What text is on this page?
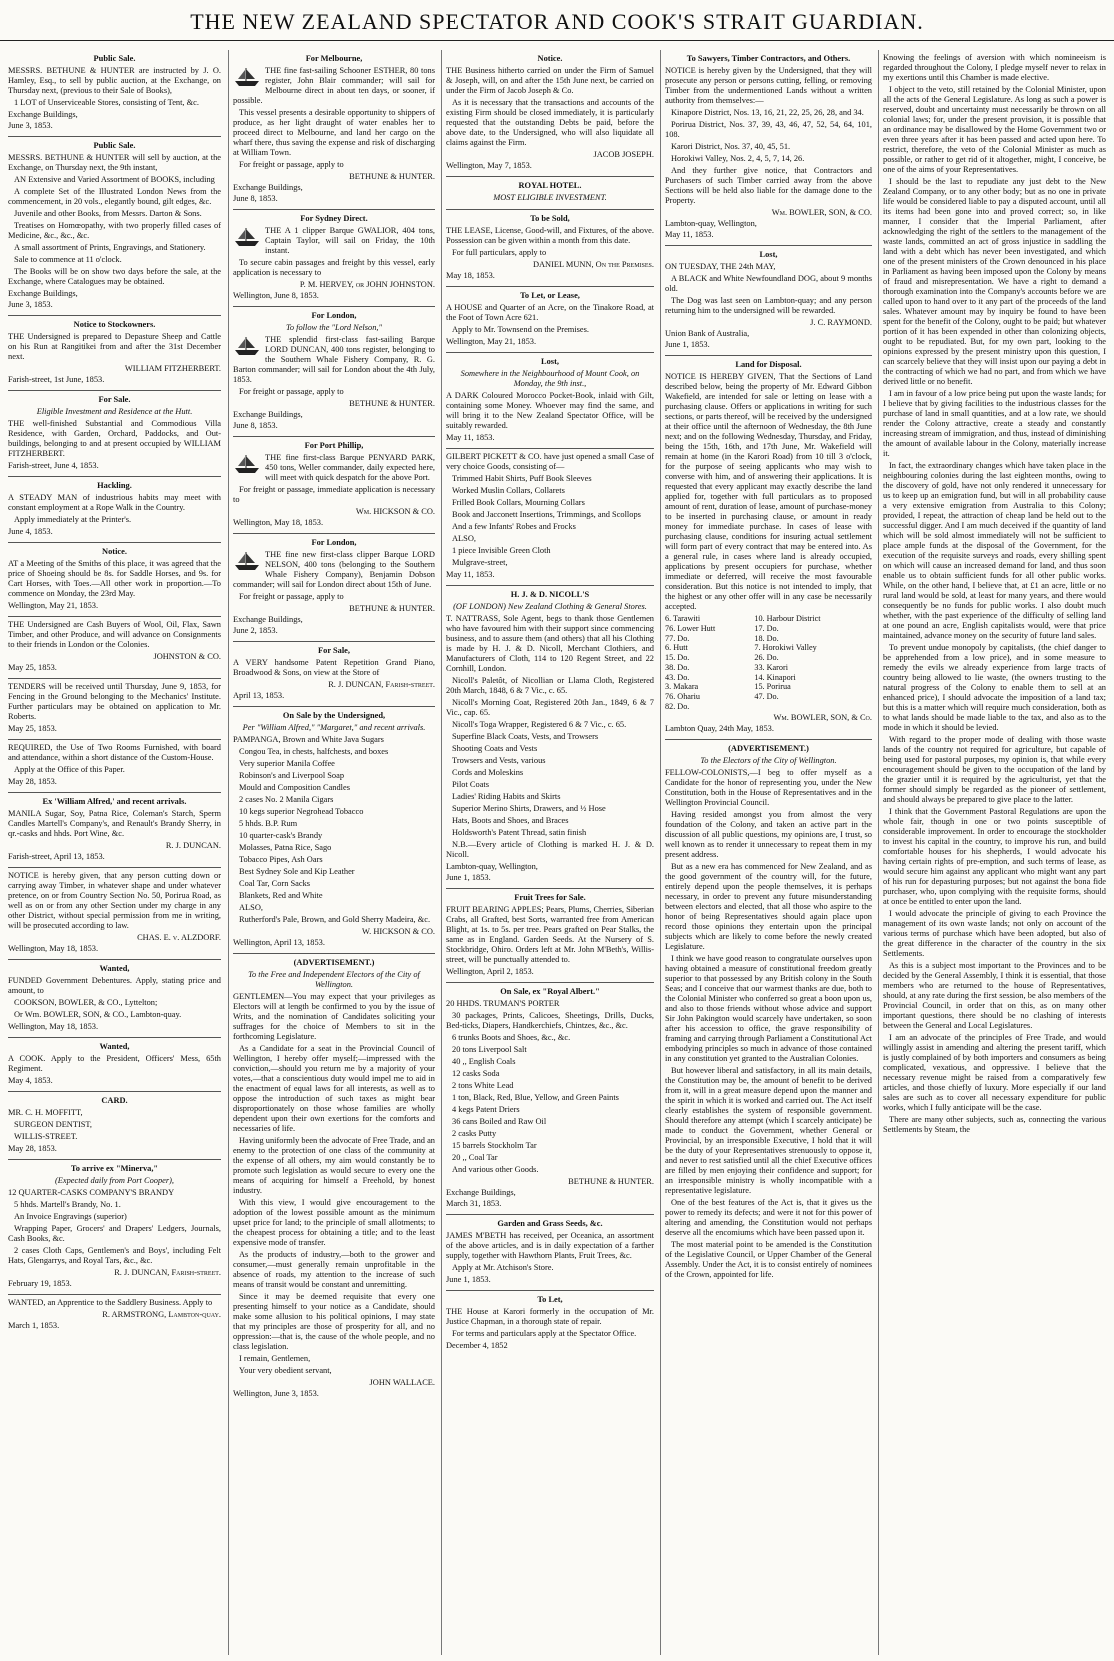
THE NEW ZEALAND SPECTATOR AND COOK'S STRAIT GUARDIAN.
Public Sale.

MESSRS. BETHUNE & HUNTER are instructed by J. O. Hamley, Esq., to sell by public auction, at the Exchange, on Thursday next, (previous to their Sale of Books),

1 LOT of Unserviceable Stores, consisting of Tent, &c.

Exchange Buildings,
June 3, 1853.
Public Sale.

MESSRS. BETHUNE & HUNTER will sell by auction, at the Exchange, on Thursday next, the 9th instant,

AN Extensive and Varied Assortment of BOOKS, including

A complete Set of the Illustrated London News from the commencement, in 20 vols., elegantly bound, gilt edges, &c.

Juvenile and other Books, from Messrs. Darton & Sons.

Treatises on Homœopathy, with two properly filled cases of Medicine, &c., &c., &c.

A small assortment of Prints, Engravings, and Stationery.

Sale to commence at 11 o'clock.

The Books will be on show two days before the sale, at the Exchange, where Catalogues may be obtained.

Exchange Buildings,
June 3, 1853.
Notice to Stockowners.

THE Undersigned is prepared to Depasture Sheep and Cattle on his Run at Rangitikei from and after the 31st December next.

WILLIAM FITZHERBERT.
Farish-street, 1st June, 1853.
For Sale.
Eligible Investment and Residence at the Hutt.

THE well-finished Substantial and Commodious Villa Residence, with Garden, Orchard, Paddocks, and Out-buildings, belonging to and at present occupied by WILLIAM FITZHERBERT.

Farish-street, June 4, 1853.
Hackling.

A STEADY MAN of industrious habits may meet with constant employment at a Rope Walk in the Country.

Apply immediately at the Printer's.

June 4, 1853.
Notice.

AT a Meeting of the Smiths of this place, it was agreed that the price of Shoeing should be 8s. for Saddle Horses, and 9s. for Cart Horses, with Toes.—All other work in proportion.—To commence on Monday, the 23rd May.

Wellington, May 21, 1853.

THE Undersigned are Cash Buyers of Wool, Oil, Flax, Sawn Timber, and other Produce, and will advance on Consignments to their friends in London or the Colonies.

JOHNSTON & CO.
May 25, 1853.

TENDERS will be received until Thursday, June 9, 1853, for Fencing in the Ground belonging to the Mechanics' Institute. Further particulars may be obtained on application to Mr. Roberts.

May 25, 1853.

REQUIRED, the Use of Two Rooms Furnished, with board and attendance, within a short distance of the Custom-House.

Apply at the Office of this Paper.

May 28, 1853.
Ex 'William Alfred,' and recent arrivals.

MANILA Sugar, Soy, Patna Rice, Coleman's Starch, Sperm Candles Martell's Company's, and Renault's Brandy Sherry, in qr.-casks and hhds. Port Wine, &c.

R. J. DUNCAN.
Farish-street, April 13, 1853.

NOTICE is hereby given, that any person cutting down or carrying away Timber, in whatever shape and under whatever pretence, on or from Country Section No. 50, Porirua Road, as well as on or from any other Section under my charge in any other District, without special permission from me in writing, will be prosecuted according to law.

CHAS. E. v. ALZDORF.
Wellington, May 18, 1853.
Wanted,

FUNDED Government Debentures. Apply, stating price and amount, to

COOKSON, BOWLER, & CO., Lyttelton;

Or Wm. BOWLER, SON, & CO., Lambton-quay.

Wellington, May 18, 1853.
Wanted,

A COOK. Apply to the President, Officers' Mess, 65th Regiment.

May 4, 1853.
CARD.

MR. C. H. MOFFITT,

SURGEON DENTIST,

WILLIS-STREET.

May 28, 1853.
To arrive ex "Minerva,"
(Expected daily from Port Cooper),

12 QUARTER-CASKS COMPANY'S BRANDY

5 hhds. Martell's Brandy, No. 1.

An Invoice Engravings (superior)

Wrapping Paper, Grocers' and Drapers' Ledgers, Journals, Cash Books, &c.

2 cases Cloth Caps, Gentlemen's and Boys', including Felt Hats, Glengarrys, and Royal Tars, &c., &c.

R. J. DUNCAN, Farish-street.
February 19, 1853.

WANTED, an Apprentice to the Saddlery Business. Apply to

R. ARMSTRONG, Lambton-quay.
March 1, 1853.
For Melbourne,

THE fine fast-sailing Schooner ESTHER, 80 tons register, John Blair commander; will sail for Melbourne direct in about ten days, or sooner, if possible.

This vessel presents a desirable opportunity to shippers of produce, as her light draught of water enables her to proceed direct to Melbourne, and land her cargo on the wharf there, thus saving the expense and risk of discharging at William Town.

For freight or passage, apply to

BETHUNE & HUNTER.
Exchange Buildings,
June 8, 1853.
For Sydney Direct.

THE A 1 clipper Barque GWALIOR, 404 tons, Captain Taylor, will sail on Friday, the 10th instant.

To secure cabin passages and freight by this vessel, early application is necessary to

P. M. HERVEY, or JOHN JOHNSTON.
Wellington, June 8, 1853.
For London,
To follow the "Lord Nelson,"

THE splendid first-class fast-sailing Barque LORD DUNCAN, 400 tons register, belonging to the Southern Whale Fishery Company, R. G. Barton commander; will sail for London about the 4th July, 1853.

For freight or passage, apply to

BETHUNE & HUNTER.
Exchange Buildings,
June 8, 1853.
For Port Phillip,

THE fine first-class Barque PENYARD PARK, 450 tons, Weller commander, daily expected here, will meet with quick despatch for the above Port.

For freight or passage, immediate application is necessary to

Wm. HICKSON & CO.
Wellington, May 18, 1853.
For London,

THE fine new first-class clipper Barque LORD NELSON, 400 tons (belonging to the Southern Whale Fishery Company), Benjamin Dobson commander; will sail for London direct about 15th of June.

For freight or passage, apply to

BETHUNE & HUNTER.
Exchange Buildings,
June 2, 1853.
For Sale,

A VERY handsome Patent Repetition Grand Piano, Broadwood & Sons, on view at the Store of

R. J. DUNCAN, Farish-street.
April 13, 1853.
On Sale by the Undersigned,
Per "William Alfred," "Margaret," and recent arrivals.

PAMPANGA, Brown and White Java Sugars

Congou Tea, in chests, halfchests, and boxes

Very superior Manila Coffee

Robinson's and Liverpool Soap

Mould and Composition Candles

2 cases No. 2 Manila Cigars

10 kegs superior Negrohead Tobacco

5 hhds. B.P. Rum

10 quarter-cask's Brandy

Molasses, Patna Rice, Sago

Tobacco Pipes, Ash Oars

Best Sydney Sole and Kip Leather

Coal Tar, Corn Sacks

Blankets, Red and White

ALSO,

Rutherford's Pale, Brown, and Gold Sherry Madeira, &c.

W. HICKSON & CO.
Wellington, April 13, 1853.
(ADVERTISEMENT.)
To the Free and Independent Electors of the City of Wellington.

GENTLEMEN—You may expect that your privileges as Electors will at length be confirmed to you by the issue of Writs, and the nomination of Candidates soliciting your suffrages for the choice of Members to sit in the forthcoming Legislature.

As a Candidate for a seat in the Provincial Council of Wellington, I hereby offer myself;—impressed with the conviction,—should you return me by a majority of your votes,—that a conscientious duty would impel me to aid in the enactment of equal laws for all interests, as well as to oppose the introduction of such taxes as might bear disproportionately on those whose families are wholly dependent upon their own exertions for the comforts and necessaries of life.

Having uniformly been the advocate of Free Trade, and an enemy to the protection of one class of the community at the expense of all others, my aim would constantly be to promote such legislation as would secure to every one the means of acquiring for himself a Freehold, by honest industry.

With this view, I would give encouragement to the adoption of the lowest possible amount as the minimum upset price for land; to the principle of small allotments; to the cheapest process for obtaining a title; and to the least expensive mode of transfer.

As the products of industry,—both to the grower and consumer,—must generally remain unprofitable in the absence of roads, my attention to the increase of such means of transit would be constant and unremitting.

Since it may be deemed requisite that every one presenting himself to your notice as a Candidate, should make some allusion to his political opinions, I may state that my principles are those of prosperity for all, and no oppression:—that is, the cause of the whole people, and no class legislation.

I remain, Gentlemen,

Your very obedient servant,

JOHN WALLACE.
Wellington, June 3, 1853.
Notice.

THE Business hitherto carried on under the Firm of Samuel & Joseph, will, on and after the 15th June next, be carried on under the Firm of Jacob Joseph & Co.

As it is necessary that the transactions and accounts of the existing Firm should be closed immediately, it is particularly requested that the outstanding Debts be paid, before the above date, to the Undersigned, who will also liquidate all claims against the Firm.

JACOB JOSEPH.
Wellington, May 7, 1853.
ROYAL HOTEL.
MOST ELIGIBLE INVESTMENT.
To be Sold,

THE LEASE, License, Good-will, and Fixtures, of the above. Possession can be given within a month from this date.

For full particulars, apply to

DANIEL MUNN, On the Premises.
May 18, 1853.
To Let, or Lease,

A HOUSE and Quarter of an Acre, on the Tinakore Road, at the Foot of Town Acre 621.

Apply to Mr. Townsend on the Premises.

Wellington, May 21, 1853.
Lost,
Somewhere in the Neighbourhood of Mount Cook, on Monday, the 9th inst.,

A DARK Coloured Morocco Pocket-Book, inlaid with Gilt, containing some Money. Whoever may find the same, and will bring it to the New Zealand Spectator Office, will be suitably rewarded.

May 11, 1853.

GILBERT PICKETT & CO. have just opened a small Case of very choice Goods, consisting of—

Trimmed Habit Shirts, Puff Book Sleeves

Worked Muslin Collars, Collarets

Frilled Book Collars, Mourning Collars

Book and Jacconett Insertions, Trimmings, and Scollops

And a few Infants' Robes and Frocks

ALSO,

1 piece Invisible Green Cloth

Mulgrave-street,

May 11, 1853.
H. J. & D. NICOLL'S
(OF LONDON) New Zealand Clothing & General Stores.

T. NATTRASS, Sole Agent, begs to thank those Gentlemen who have favoured him with their support since commencing business, and to assure them (and others) that all his Clothing is made by H. J. & D. Nicoll, Merchant Clothiers, and Manufacturers of Cloth, 114 to 120 Regent Street, and 22 Cornhill, London.

Nicoll's Paletôt, of Nicollian or Llama Cloth, Registered 20th March, 1848, 6 & 7 Vic., c. 65.

Nicoll's Morning Coat, Registered 20th Jan., 1849, 6 & 7 Vic., cap. 65.

Nicoll's Toga Wrapper, Registered 6 & 7 Vic., c. 65.

Superfine Black Coats, Vests, and Trowsers

Shooting Coats and Vests

Trowsers and Vests, various

Cords and Moleskins

Pilot Coats

Ladies' Riding Habits and Skirts

Superior Merino Shirts, Drawers, and ½ Hose

Hats, Boots and Shoes, and Braces

Holdsworth's Patent Thread, satin finish

N.B.—Every article of Clothing is marked H. J. & D. Nicoll.

Lambton-quay, Wellington,
June 1, 1853.
Fruit Trees for Sale.

FRUIT BEARING APPLES; Pears, Plums, Cherries, Siberian Crabs, all Grafted, best Sorts, warranted free from American Blight, at 1s. to 5s. per tree. Pears grafted on Pear Stalks, the same as in England. Garden Seeds. At the Nursery of S. Stockbridge, Ohiro. Orders left at Mr. John M'Beth's, Willis-street, will be punctually attended to.

Wellington, April 2, 1853.
On Sale, ex "Royal Albert."

20 HHDS. TRUMAN'S PORTER

30 packages, Prints, Calicoes, Sheetings, Drills, Ducks, Bed-ticks, Diapers, Handkerchiefs, Chintzes, &c., &c.

6 trunks Boots and Shoes, &c., &c.

20 tons Liverpool Salt

40 ,, English Coals

12 casks Soda

2 tons White Lead

1 ton, Black, Red, Blue, Yellow, and Green Paints

4 kegs Patent Driers

36 cans Boiled and Raw Oil

2 casks Putty

15 barrels Stockholm Tar

20 ,, Coal Tar

And various other Goods.

BETHUNE & HUNTER.
Exchange Buildings,
March 31, 1853.
Garden and Grass Seeds, &c.

JAMES M'BETH has received, per Oceanica, an assortment of the above articles, and is in daily expectation of a farther supply, together with Hawthorn Plants, Fruit Trees, &c.

Apply at Mr. Atchison's Store.

June 1, 1853.
To Let,

THE House at Karori formerly in the occupation of Mr. Justice Chapman, in a thorough state of repair.

For terms and particulars apply at the Spectator Office.

December 4, 1852
To Sawyers, Timber Contractors, and Others.

NOTICE is hereby given by the Undersigned, that they will prosecute any person or persons cutting, felling, or removing Timber from the undermentioned Lands without a written authority from themselves:—

Kinapore District, Nos. 13, 16, 21, 22, 25, 26, 28, and 34.

Porirua District, Nos. 37, 39, 43, 46, 47, 52, 54, 64, 101, 108.

Karori District, Nos. 37, 40, 45, 51.

Horokiwi Valley, Nos. 2, 4, 5, 7, 14, 26.

And they further give notice, that Contractors and Purchasers of such Timber carried away from the above Sections will be held also liable for the damage done to the Property.

Wm. BOWLER, SON, & CO.
Lambton-quay, Wellington,
May 11, 1853.
Lost,

ON TUESDAY, THE 24th MAY,

A BLACK and White Newfoundland DOG, about 9 months old.

The Dog was last seen on Lambton-quay; and any person returning him to the undersigned will be rewarded.

J. C. RAYMOND.
Union Bank of Australia,
June 1, 1853.
Land for Disposal.

NOTICE IS HEREBY GIVEN, That the Sections of Land described below, being the property of Mr. Edward Gibbon Wakefield, are intended for sale or letting on lease with a purchasing clause. Offers or applications in writing for such sections, or parts thereof, will be received by the undersigned at their office until the afternoon of Wednesday, the 8th June next; and on the following Wednesday, Thursday, and Friday, being the 15th, 16th, and 17th June, Mr. Wakefield will remain at home (in the Karori Road) from 10 till 3 o'clock, for the purpose of seeing applicants who may wish to converse with him, and of answering their applications. It is requested that every applicant may exactly describe the land applied for, together with full particulars as to proposed amount of rent, duration of lease, amount of purchase-money to be inserted in purchasing clause, or amount in ready money for immediate purchase. In cases of lease with purchasing clause, conditions for insuring actual settlement will form part of every contract that may be entered into. As a general rule, in cases where land is already occupied, applications by present occupiers for purchase, whether immediate or deferred, will receive the most favourable consideration. But this notice is not intended to imply, that the highest or any other offer will in any case be necessarily accepted.

6. Tarawiti	10. Harbour District
76. Lower Hutt	17. Do.
77. Do.	18. Do.
6. Hutt	7. Horokiwi Valley
15. Do.	26. Do.
38. Do.	33. Karori
43. Do.	14. Kinapori
3. Makara	15. Porirua
76. Ohariu	47. Do.
82. Do.	
Wm. BOWLER, SON, & Co.
Lambton Quay, 24th May, 1853.
(ADVERTISEMENT.)
To the Electors of the City of Wellington.

FELLOW-COLONISTS,—I beg to offer myself as a Candidate for the honor of representing you, under the New Constitution, both in the House of Representatives and in the Wellington Provincial Council.

Having resided amongst you from almost the very foundation of the Colony, and taken an active part in the discussion of all public questions, my opinions are, I trust, so well known as to render it unnecessary to repeat them in my present address.

But as a new era has commenced for New Zealand, and as the good government of the country will, for the future, entirely depend upon the people themselves, it is perhaps necessary, in order to prevent any future misunderstanding between electors and elected, that all those who aspire to the honor of being Representatives should again place upon record those opinions they entertain upon the principal subjects which are likely to come before the newly created Legislature.

I think we have good reason to congratulate ourselves upon having obtained a measure of constitutional freedom greatly superior to that possessed by any British colony in the South Seas; and I conceive that our warmest thanks are due, both to the Colonial Minister who conferred so great a boon upon us, and also to those friends without whose advice and support Sir John Pakington would scarcely have undertaken, so soon after his accession to office, the grave responsibility of framing and carrying through Parliament a Constitutional Act embodying principles so much in advance of those contained in any constitution yet granted to the Australian Colonies.

But however liberal and satisfactory, in all its main details, the Constitution may be, the amount of benefit to be derived from it, will in a great measure depend upon the manner and the spirit in which it is worked and carried out. The Act itself clearly establishes the system of responsible government. Should therefore any attempt (which I scarcely anticipate) be made to conduct the Government, whether General or Provincial, by an irresponsible Executive, I hold that it will be the duty of your Representatives strenuously to oppose it, and never to rest satisfied until all the chief Executive offices are filled by men enjoying their confidence and support; for an irresponsible ministry is wholly incompatible with a representative legislature.

One of the best features of the Act is, that it gives us the power to remedy its defects; and were it not for this power of altering and amending, the Constitution would not perhaps deserve all the encomiums which have been passed upon it.

The most material point to be amended is the Constitution of the Legislative Council, or Upper Chamber of the General Assembly. Under the Act, it is to consist entirely of nominees of the Crown, appointed for life.

Knowing the feelings of aversion with which nomineeism is regarded throughout the Colony, I pledge myself never to relax in my exertions until this Chamber is made elective.

I object to the veto, still retained by the Colonial Minister, upon all the acts of the General Legislature. As long as such a power is reserved, doubt and uncertainty must necessarily be thrown on all colonial laws; for, under the present provision, it is possible that an ordinance may be disallowed by the Home Government two or even three years after it has been passed and acted upon here. To restrict, therefore, the veto of the Colonial Minister as much as possible, or rather to get rid of it altogether, might, I conceive, be one of the aims of your Representatives.

I should be the last to repudiate any just debt to the New Zealand Company, or to any other body; but as no one in private life would be considered liable to pay a disputed account, until all its items had been gone into and proved correct; so, in like manner, I consider that the Imperial Parliament, after acknowledging the right of the settlers to the management of the waste lands, committed an act of gross injustice in saddling the land with a debt which has never been investigated, and which one of the present ministers of the Crown denounced in his place in Parliament as having been imposed upon the Colony by means of fraud and misrepresentation. We have a right to demand a thorough examination into the Company's accounts before we are called upon to hand over to it any part of the proceeds of the land sales. Whatever amount may by inquiry be found to have been spent for the benefit of the Colony, ought to be paid; but whatever portion of it has been expended in other than colonizing objects, ought to be repudiated. But, for my own part, looking to the opinions expressed by the present ministry upon this question, I can scarcely believe that they will insist upon our paying a debt in the contracting of which we had no part, and from which we have derived little or no benefit.

I am in favour of a low price being put upon the waste lands; for I believe that by giving facilities to the industrious classes for the purchase of land in small quantities, and at a low rate, we should render the Colony attractive, create a steady and constantly increasing stream of immigration, and thus, instead of diminishing the amount of available labour in the Colony, materially increase it.

In fact, the extraordinary changes which have taken place in the neighbouring colonies during the last eighteen months, owing to the discovery of gold, have not only rendered it unnecessary for us to keep up an emigration fund, but will in all probability cause a very extensive emigration from Australia to this Colony; provided, I repeat, the attraction of cheap land be held out to the successful digger. And I am much deceived if the quantity of land which will be sold almost immediately will not be sufficient to place ample funds at the disposal of the Government, for the execution of the requisite surveys and roads, every shilling spent on which will cause an increased demand for land, and thus soon enable us to obtain sufficient funds for all other public works. While, on the other hand, I believe that, at £1 an acre, little or no rural land would be sold, at least for many years, and there would consequently be no funds for public works. I also doubt much whether, with the past experience of the difficulty of selling land at one pound an acre, English capitalists would, were that price maintained, advance money on the security of future land sales.

To prevent undue monopoly by capitalists, (the chief danger to be apprehended from a low price), and in some measure to remedy the evils we already experience from large tracts of country being allowed to lie waste, (the owners trusting to the natural progress of the Colony to enable them to sell at an enhanced price), I should advocate the imposition of a land tax; but this is a matter which will require much consideration, both as to what lands should be made liable to the tax, and also as to the mode in which it should be levied.

With regard to the proper mode of dealing with those waste lands of the country not required for agriculture, but capable of being used for pastoral purposes, my opinion is, that while every encouragement should be given to the occupation of the land by the grazier until it is required by the agriculturist, yet that the former should simply be regarded as the pioneer of settlement, and should always be prepared to give place to the latter.

I think that the Government Pastoral Regulations are upon the whole fair, though in one or two points susceptible of considerable improvement. In order to encourage the stockholder to invest his capital in the country, to improve his run, and build comfortable houses for his shepherds, I would advocate his having certain rights of pre-emption, and such terms of lease, as would secure him against any applicant who might want any part of his run for depasturing purposes; but not against the bona fide purchaser, who, upon complying with the requisite forms, should at once be entitled to enter upon the land.

I would advocate the principle of giving to each Province the management of its own waste lands; not only on account of the various terms of purchase which have been adopted, but also of the great difference in the character of the country in the six Settlements.

As this is a subject most important to the Provinces and to be decided by the General Assembly, I think it is essential, that those members who are returned to the house of Representatives, should, at any rate during the first session, be also members of the Provincial Council, in order that on this, as on many other important questions, there should be no clashing of interests between the General and Local Legislatures.

I am an advocate of the principles of Free Trade, and would willingly assist in amending and altering the present tariff, which is justly complained of by both importers and consumers as being complicated, vexatious, and oppressive. I believe that the necessary revenue might be raised from a comparatively few articles, and those chiefly of luxury. More especially if our land sales are such as to cover all necessary expenditure for public works, which I fully anticipate will be the case.

There are many other subjects, such as, connecting the various Settlements by Steam, the
